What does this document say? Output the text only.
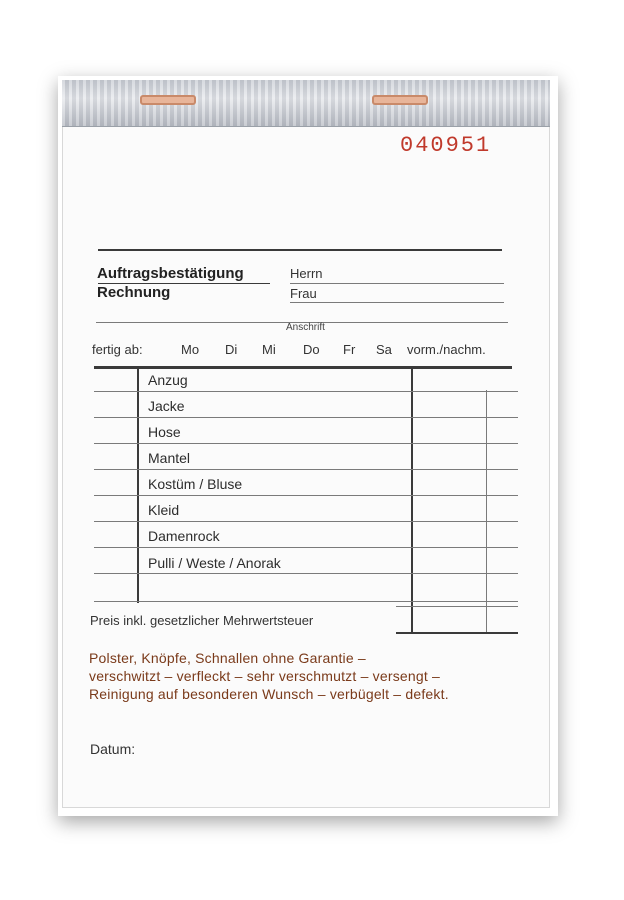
040951
Auftragsbestätigung
Rechnung
Herrn
Frau
Anschrift
fertig ab:	Mo Di Mi Do Fr Sa vorm./nachm.
Anzug
Jacke
Hose
Mantel
Kostüm / Bluse
Kleid
Damenrock
Pulli / Weste / Anorak
Preis inkl. gesetzlicher Mehrwertsteuer
Polster, Knöpfe, Schnallen ohne Garantie –
verschwitzt – verfleckt – sehr verschmutzt – versengt –
Reinigung auf besonderen Wunsch – verbügelt – defekt.
Datum:
